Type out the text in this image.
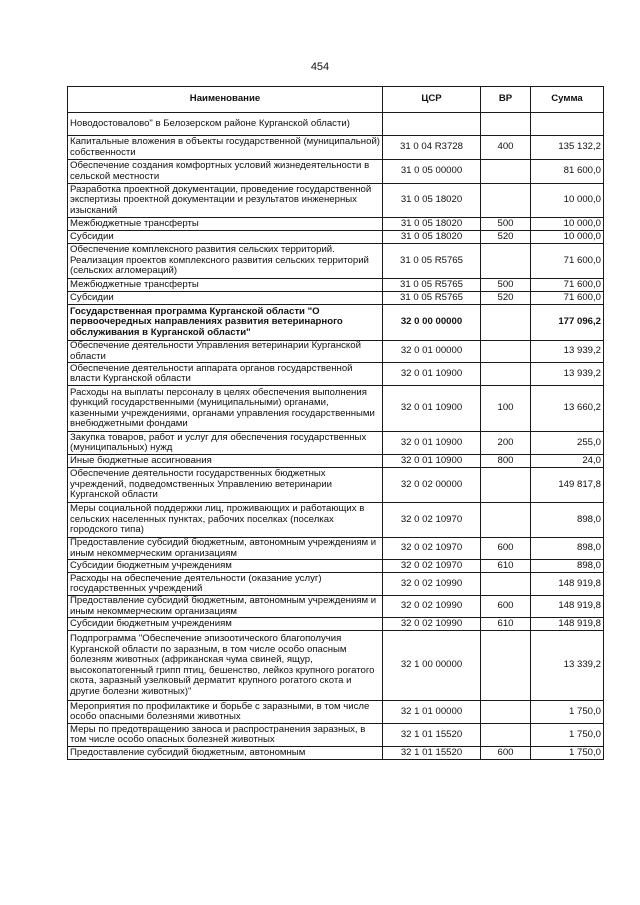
454
Наименование	ЦСР	ВР	Сумма
Новодостовалово" в Белозерском районе Курганской области)			
Капитальные вложения в объекты государственной (муниципальной) собственности	31 0 04 R3728	400	135 132,2
Обеспечение создания комфортных условий жизнедеятельности в сельской местности	31 0 05 00000		81 600,0
Разработка проектной документации, проведение государственной экспертизы проектной документации и результатов инженерных изысканий	31 0 05 18020		10 000,0
Межбюджетные трансферты	31 0 05 18020	500	10 000,0
Субсидии	31 0 05 18020	520	10 000,0
Обеспечение комплексного развития сельских территорий. Реализация проектов комплексного развития сельских территорий (сельских агломераций)	31 0 05 R5765		71 600,0
Межбюджетные трансферты	31 0 05 R5765	500	71 600,0
Субсидии	31 0 05 R5765	520	71 600,0
Государственная программа Курганской области "О первоочередных направлениях развития ветеринарного обслуживания в Курганской области"	32 0 00 00000		177 096,2
Обеспечение деятельности Управления ветеринарии Курганской области	32 0 01 00000		13 939,2
Обеспечение деятельности аппарата органов государственной власти Курганской области	32 0 01 10900		13 939,2
Расходы на выплаты персоналу в целях обеспечения выполнения функций государственными (муниципальными) органами, казенными учреждениями, органами управления государственными внебюджетными фондами	32 0 01 10900	100	13 660,2
Закупка товаров, работ и услуг для обеспечения государственных (муниципальных) нужд	32 0 01 10900	200	255,0
Иные бюджетные ассигнования	32 0 01 10900	800	24,0
Обеспечение деятельности государственных бюджетных учреждений, подведомственных Управлению ветеринарии Курганской области	32 0 02 00000		149 817,8
Меры социальной поддержки лиц, проживающих и работающих в сельских населенных пунктах, рабочих поселках (поселках городского типа)	32 0 02 10970		898,0
Предоставление субсидий бюджетным, автономным учреждениям и иным некоммерческим организациям	32 0 02 10970	600	898,0
Субсидии бюджетным учреждениям	32 0 02 10970	610	898,0
Расходы на обеспечение деятельности (оказание услуг) государственных учреждений	32 0 02 10990		148 919,8
Предоставление субсидий бюджетным, автономным учреждениям и иным некоммерческим организациям	32 0 02 10990	600	148 919,8
Субсидии бюджетным учреждениям	32 0 02 10990	610	148 919,8
Подпрограмма "Обеспечение эпизоотического благополучия Курганской области по заразным, в том числе особо опасным болезням животных (африканская чума свиней, ящур, высокопатогенный грипп птиц, бешенство, лейкоз крупного рогатого скота, заразный узелковый дерматит крупного рогатого скота и другие болезни животных)"	32 1 00 00000		13 339,2
Мероприятия по профилактике и борьбе с заразными, в том числе особо опасными болезнями животных	32 1 01 00000		1 750,0
Меры по предотвращению заноса и распространения заразных, в том числе особо опасных болезней животных	32 1 01 15520		1 750,0
Предоставление субсидий бюджетным, автономным	32 1 01 15520	600	1 750,0
